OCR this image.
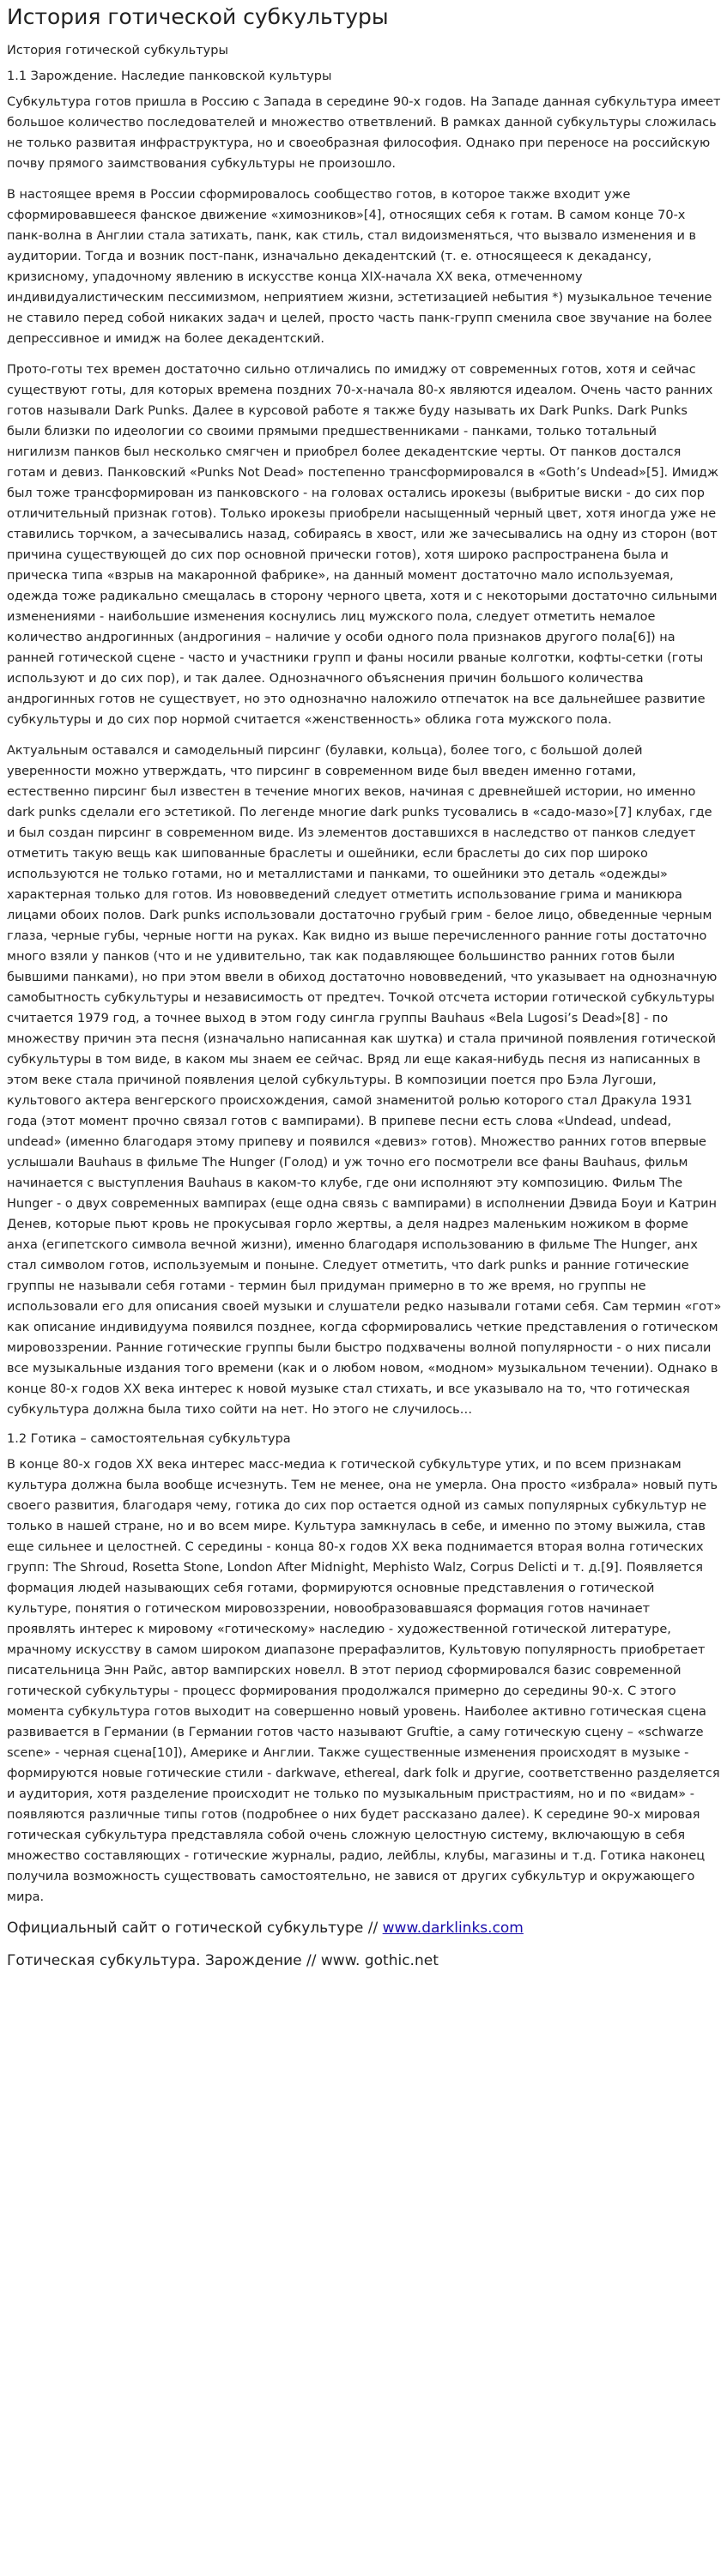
История готической субкультуры
История готической субкультуры
1.1 Зарождение. Наследие панковской культуры

Субкультура готов пришла в Россию с Запада в середине 90-х годов. На Западе данная субкультура имеет большое количество последователей и множество ответвлений. В рамках данной субкультуры сложилась не только развитая инфраструктура, но и своеобразная философия. Однако при переносе на российскую почву прямого заимствования субкультуры не произошло.

В настоящее время в России сформировалось сообщество готов, в которое также входит уже сформировавшееся фанское движение «химозников»[4], относящих себя к готам. В самом конце 70-х панк-волна в Англии стала затихать, панк, как стиль, стал видоизменяться, что вызвало изменения и в аудитории. Тогда и возник пост-панк, изначально декадентский (т. е. относящееся к декадансу, кризисному, упадочному явлению в искусстве конца XIX-начала XX века, отмеченному индивидуалистическим пессимизмом, неприятием жизни, эстетизацией небытия *) музыкальное течение не ставило перед собой никаких задач и целей, просто часть панк-групп сменила свое звучание на более депрессивное и имидж на более декадентский.

Прото-готы тех времен достаточно сильно отличались по имиджу от современных готов, хотя и сейчас существуют готы, для которых времена поздних 70-х-начала 80-х являются идеалом. Очень часто ранних готов называли Dark Punks. Далее в курсовой работе я также буду называть их Dark Punks. Dark Punks были близки по идеологии со своими прямыми предшественниками - панками, только тотальный нигилизм панков был несколько смягчен и приобрел более декадентские черты. От панков достался готам и девиз. Панковский «Punks Not Dead» постепенно трансформировался в «Goth’s Undead»[5]. Имидж был тоже трансформирован из панковского - на головах остались ирокезы (выбритые виски - до сих пор отличительный признак готов). Только ирокезы приобрели насыщенный черный цвет, хотя иногда уже не ставились торчком, а зачесывались назад, собираясь в хвост, или же зачесывались на одну из сторон (вот причина существующей до сих пор основной прически готов), хотя широко распространена была и прическа типа «взрыв на макаронной фабрике», на данный момент достаточно мало используемая, одежда тоже радикально смещалась в сторону черного цвета, хотя и с некоторыми достаточно сильными изменениями - наибольшие изменения коснулись лиц мужского пола, следует отметить немалое количество андрогинных (андрогиния – наличие у особи одного пола признаков другого пола[6]) на ранней готической сцене - часто и участники групп и фаны носили рваные колготки, кофты-сетки (готы используют и до сих пор), и так далее. Однозначного объяснения причин большого количества андрогинных готов не существует, но это однозначно наложило отпечаток на все дальнейшее развитие субкультуры и до сих пор нормой считается «женственность» облика гота мужского пола.

Актуальным оставался и самодельный пирсинг (булавки, кольца), более того, с большой долей уверенности можно утверждать, что пирсинг в современном виде был введен именно готами, естественно пирсинг был известен в течение многих веков, начиная с древнейшей истории, но именно dark punks сделали его эстетикой. По легенде многие dark punks тусовались в «садо-мазо»[7] клубах, где и был создан пирсинг в современном виде. Из элементов доставшихся в наследство от панков следует отметить такую вещь как шипованные браслеты и ошейники, если браслеты до сих пор широко используются не только готами, но и металлистами и панками, то ошейники это деталь «одежды» характерная только для готов. Из нововведений следует отметить использование грима и маникюра лицами обоих полов. Dark punks использовали достаточно грубый грим - белое лицо, обведенные черным глаза, черные губы, черные ногти на руках. Как видно из выше перечисленного ранние готы достаточно много взяли у панков (что и не удивительно, так как подавляющее большинство ранних готов были бывшими панками), но при этом ввели в обиход достаточно нововведений, что указывает на однозначную самобытность субкультуры и независимость от предтеч. Точкой отсчета истории готической субкультуры считается 1979 год, а точнее выход в этом году сингла группы Bauhaus «Bela Lugosi’s Dead»[8] - по множеству причин эта песня (изначально написанная как шутка) и стала причиной появления готической субкультуры в том виде, в каком мы знаем ее сейчас. Вряд ли еще какая-нибудь песня из написанных в этом веке стала причиной появления целой субкультуры. В композиции поется про Бэла Лугоши, культового актера венгерского происхождения, самой знаменитой ролью которого стал Дракула 1931 года (этот момент прочно связал готов с вампирами). В припеве песни есть слова «Undead, undead, undead» (именно благодаря этому припеву и появился «девиз» готов). Множество ранних готов впервые услышали Bauhaus в фильме The Hunger (Голод) и уж точно его посмотрели все фаны Bauhaus, фильм начинается с выступления Bauhaus в каком-то клубе, где они исполняют эту композицию. Фильм The Hunger - о двух современных вампирах (еще одна связь с вампирами) в исполнении Дэвида Боуи и Катрин Денев, которые пьют кровь не прокусывая горло жертвы, а деля надрез маленьким ножиком в форме анха (египетского символа вечной жизни), именно благодаря использованию в фильме The Hunger, анх стал символом готов, используемым и поныне. Следует отметить, что dark punks и ранние готические группы не называли себя готами - термин был придуман примерно в то же время, но группы не использовали его для описания своей музыки и слушатели редко называли готами себя. Сам термин «гот» как описание индивидуума появился позднее, когда сформировались четкие представления о готическом мировоззрении. Ранние готические группы были быстро подхвачены волной популярности - о них писали все музыкальные издания того времени (как и о любом новом, «модном» музыкальном течении). Однако в конце 80-х годов XX века интерес к новой музыке стал стихать, и все указывало на то, что готическая субкультура должна была тихо сойти на нет. Но этого не случилось…

1.2 Готика – самостоятельная субкультура

В конце 80-х годов XX века интерес масс-медиа к готической субкультуре утих, и по всем признакам культура должна была вообще исчезнуть. Тем не менее, она не умерла. Она просто «избрала» новый путь своего развития, благодаря чему, готика до сих пор остается одной из самых популярных субкультур не только в нашей стране, но и во всем мире. Культура замкнулась в себе, и именно по этому выжила, став еще сильнее и целостней. С середины - конца 80-х годов XX века поднимается вторая волна готических групп: The Shroud, Rosetta Stone, London After Midnight, Mephisto Walz, Corpus Delicti и т. д.[9]. Появляется формация людей называющих себя готами, формируются основные представления о готической культуре, понятия о готическом мировоззрении, новообразовавшаяся формация готов начинает проявлять интерес к мировому «готическому» наследию - художественной готической литературе, мрачному искусству в самом широком диапазоне прерафаэлитов, Культовую популярность приобретает писательница Энн Райс, автор вампирских новелл. В этот период сформировался базис современной готической субкультуры - процесс формирования продолжался примерно до середины 90-х. С этого момента субкультура готов выходит на совершенно новый уровень. Наиболее активно готическая сцена развивается в Германии (в Германии готов часто называют Gruftie, а саму готическую сцену – «schwarze scene» - черная сцена[10]), Америке и Англии. Также существенные изменения происходят в музыке - формируются новые готические стили - darkwave, ethereal, dark folk и другие, соответственно разделяется и аудитория, хотя разделение происходит не только по музыкальным пристрастиям, но и по «видам» - появляются различные типы готов (подробнее о них будет рассказано далее). К середине 90-х мировая готическая субкультура представляла собой очень сложную целостную систему, включающую в себя множество составляющих - готические журналы, радио, лейблы, клубы, магазины и т.д. Готика наконец получила возможность существовать самостоятельно, не завися от других субкультур и окружающего мира.

Официальный сайт о готической субкультуре // www.darklinks.com
Готическая субкультура. Зарождение // www. gothic.net
